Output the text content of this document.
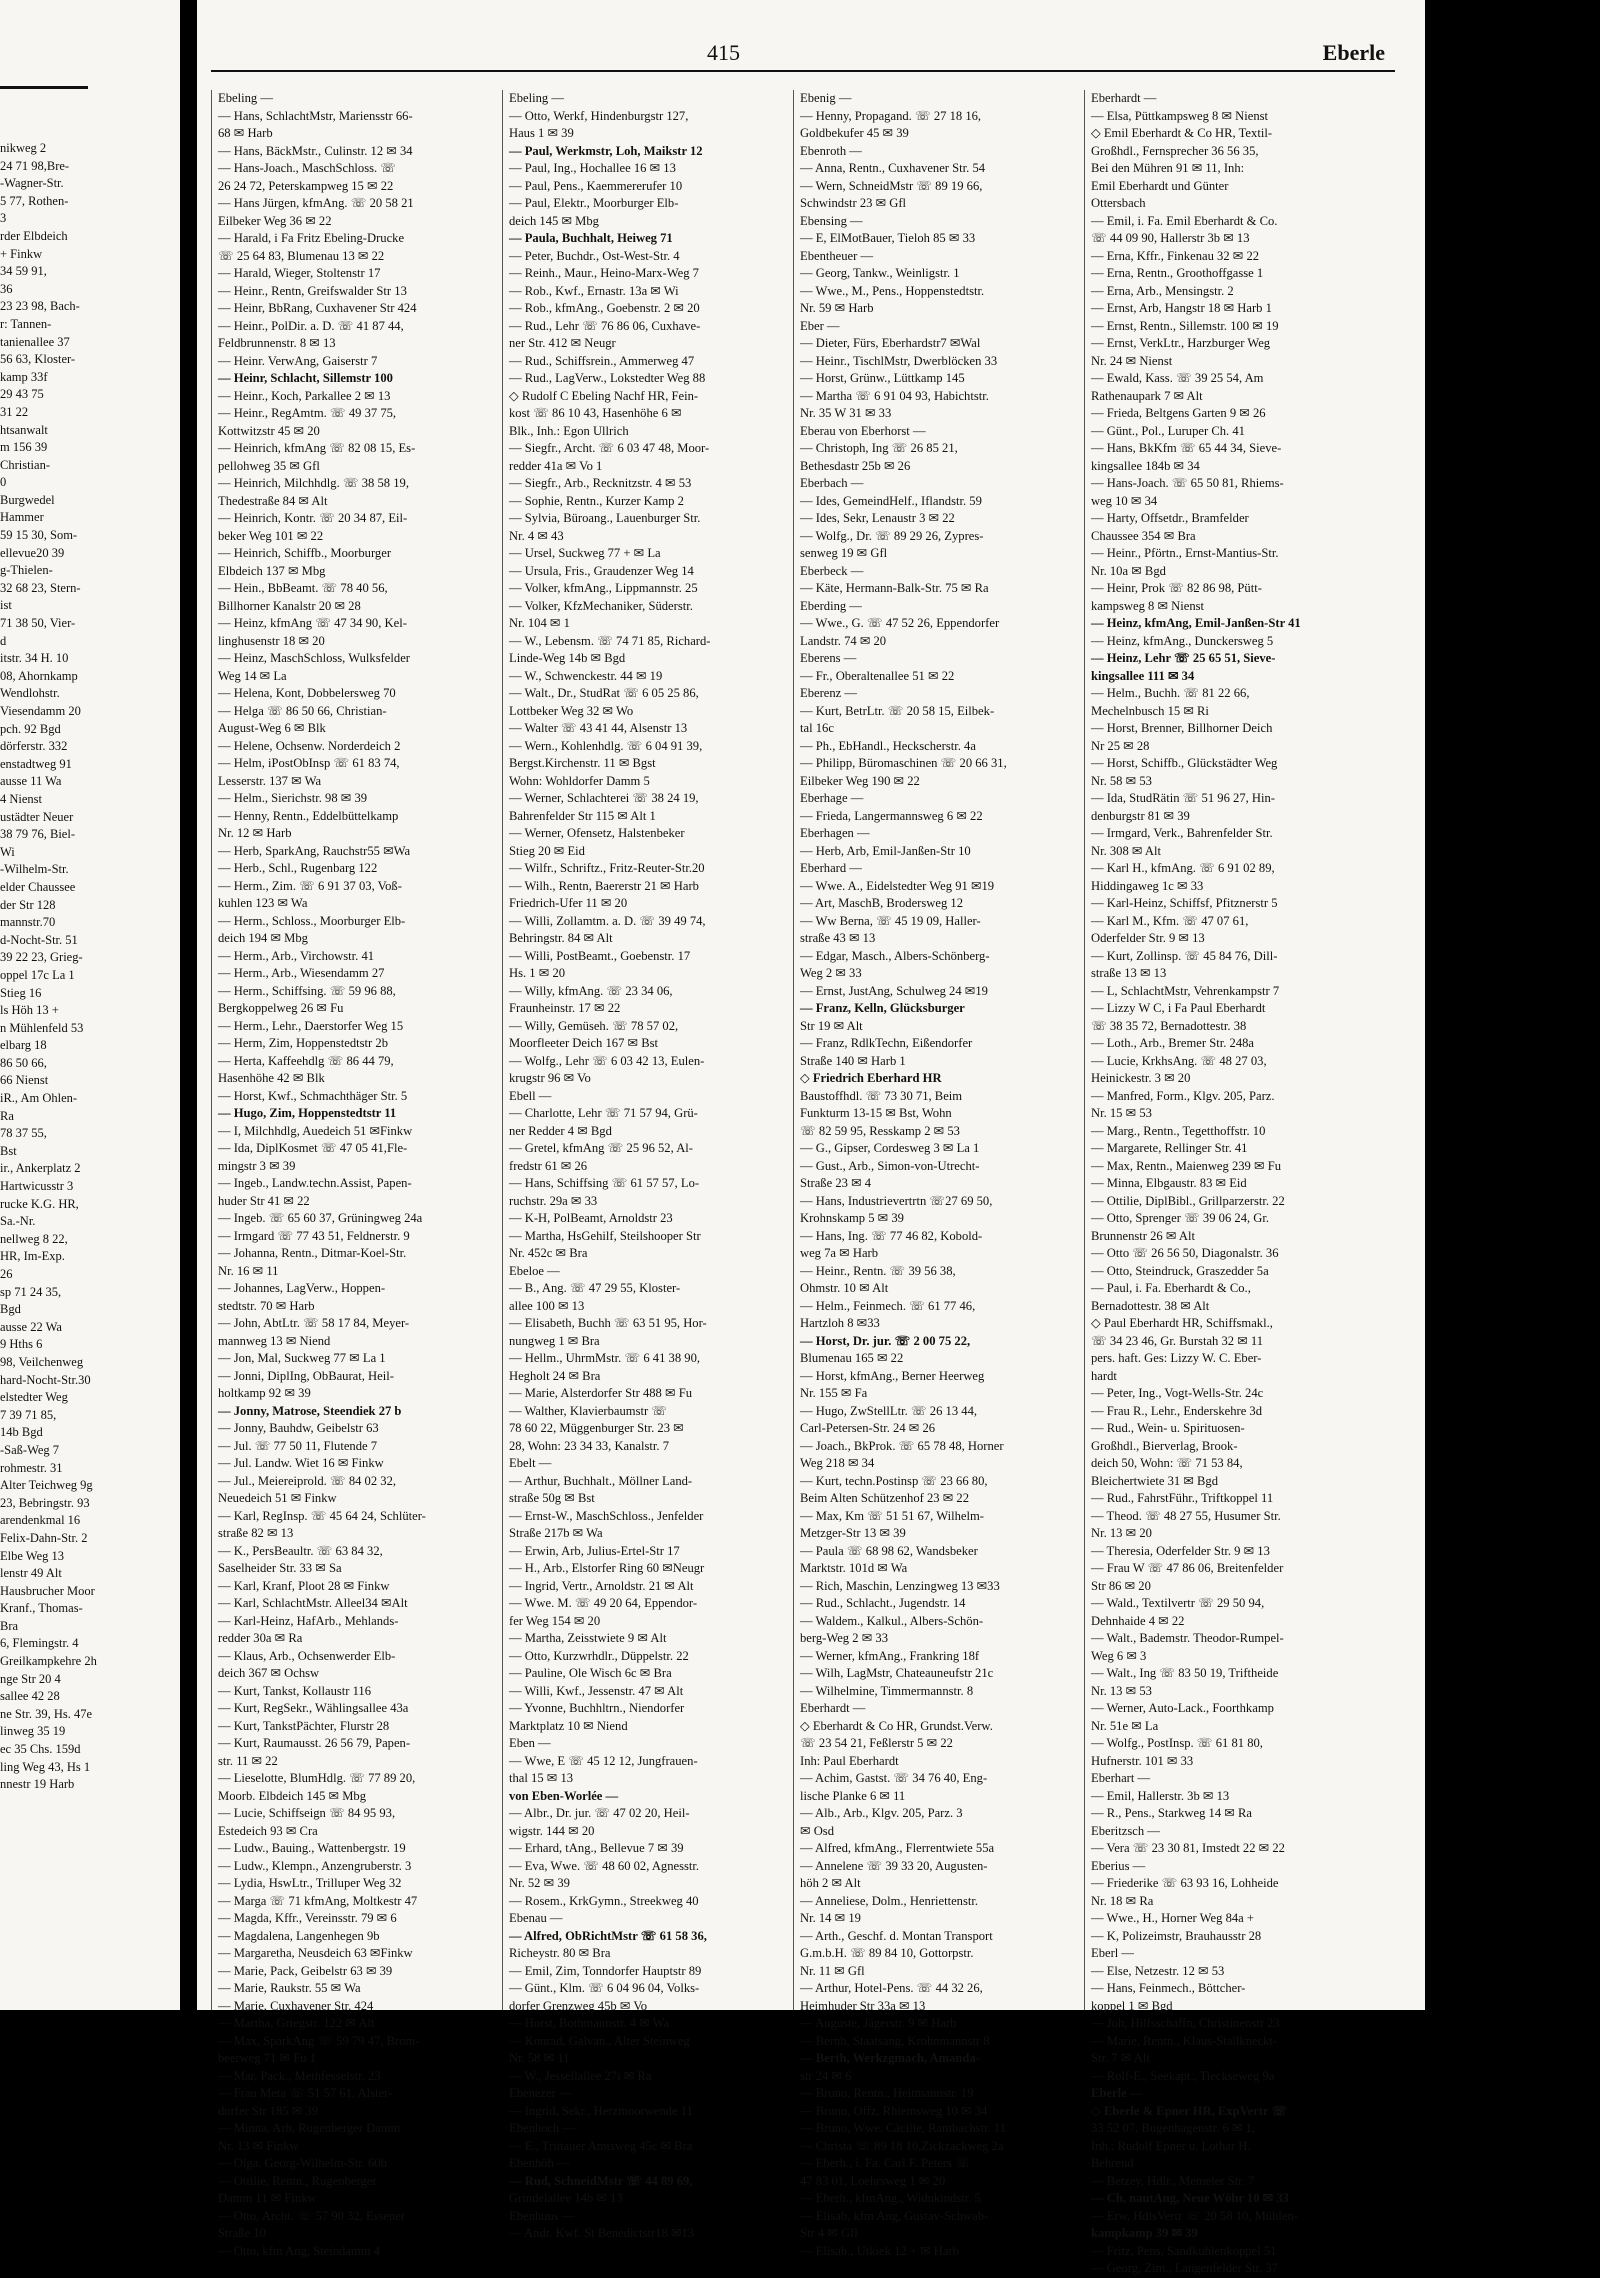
nikweg 2
24 71 98,Bre-
-Wagner-Str.
5 77, Rothen-
3
rder Elbdeich
+ Finkw
34 59 91,
36
23 23 98, Bach-
r: Tannen-
tanienallee 37
56 63, Kloster-
kamp 33f
29 43 75
31 22
htsanwalt
m 156 39
Christian-
0
Burgwedel
Hammer
59 15 30, Som-
ellevue20 39
g-Thielen-
32 68 23, Stern-
ist
71 38 50, Vier-
d
itstr. 34 H. 10
08, Ahornkamp
Wendlohstr.
Viesendamm 20
pch. 92 Bgd
dörferstr. 332
enstadtweg 91
ausse 11 Wa
4 Nienst
ustädter Neuer
38 79 76, Biel-
Wi
-Wilhelm-Str.
elder Chaussee
der Str 128
mannstr.70
d-Nocht-Str. 51
39 22 23, Grieg-
oppel 17c La 1
Stieg 16
ls Höh 13 +
n Mühlenfeld 53
elbarg 18
86 50 66,
66 Nienst
iR., Am Ohlen-
Ra
78 37 55,
Bst
ir., Ankerplatz 2
Hartwicusstr 3
rucke K.G. HR,
Sa.-Nr.
nellweg 8 22,
HR, Im-Exp.
26
sp 71 24 35,
Bgd
ausse 22 Wa
9 Hths 6
98, Veilchenweg
hard-Nocht-Str.30
elstedter Weg
7 39 71 85,
14b Bgd
-Saß-Weg 7
rohmestr. 31
Alter Teichweg 9g
23, Bebringstr. 93
arendenkmal 16
Felix-Dahn-Str. 2
Elbe Weg 13
lenstr 49 Alt
Hausbrucher Moor
Kranf., Thomas-
Bra
6, Flemingstr. 4
Greilkampkehre 2h
nge Str 20 4
sallee 42 28
ne Str. 39, Hs. 47e
linweg 35 19
ec 35 Chs. 159d
ling Weg 43, Hs 1
nnestr 19 Harb
415	Eberle
Ebeling —
— Hans, SchlachtMstr, Mariensstr 66-
68 ✉ Harb
— Hans, BäckMstr., Culinstr. 12 ✉ 34
— Hans-Joach., MaschSchloss. ☏
26 24 72, Peterskampweg 15 ✉ 22
— Hans Jürgen, kfmAng. ☏ 20 58 21
Eilbeker Weg 36 ✉ 22
— Harald, i Fa Fritz Ebeling-Drucke
☏ 25 64 83, Blumenau 13 ✉ 22
— Harald, Wieger, Stoltenstr 17
— Heinr., Rentn, Greifswalder Str 13
— Heinr, BbRang, Cuxhavener Str 424
— Heinr., PolDir. a. D. ☏ 41 87 44,
Feldbrunnenstr. 8 ✉ 13
— Heinr. VerwAng, Gaiserstr 7
— Heinr, Schlacht, Sillemstr 100
— Heinr., Koch, Parkallee 2 ✉ 13
— Heinr., RegAmtm. ☏ 49 37 75,
Kottwitzstr 45 ✉ 20
— Heinrich, kfmAng ☏ 82 08 15, Es-
pellohweg 35 ✉ Gfl
— Heinrich, Milchhdlg. ☏ 38 58 19,
Thedestraße 84 ✉ Alt
— Heinrich, Kontr. ☏ 20 34 87, Eil-
beker Weg 101 ✉ 22
— Heinrich, Schiffb., Moorburger
Elbdeich 137 ✉ Mbg
— Hein., BbBeamt. ☏ 78 40 56,
Billhorner Kanalstr 20 ✉ 28
— Heinz, kfmAng ☏ 47 34 90, Kel-
linghusenstr 18 ✉ 20
— Heinz, MaschSchloss, Wulksfelder
Weg 14 ✉ La
— Helena, Kont, Dobbelersweg 70
— Helga ☏ 86 50 66, Christian-
August-Weg 6 ✉ Blk
— Helene, Ochsenw. Norderdeich 2
— Helm, iPostObInsp ☏ 61 83 74,
Lesserstr. 137 ✉ Wa
— Helm., Sierichstr. 98 ✉ 39
— Henny, Rentn., Eddelbüttelkamp
Nr. 12 ✉ Harb
— Herb, SparkAng, Rauchstr55 ✉Wa
— Herb., Schl., Rugenbarg 122
— Herm., Zim. ☏ 6 91 37 03, Voß-
kuhlen 123 ✉ Wa
— Herm., Schloss., Moorburger Elb-
deich 194 ✉ Mbg
— Herm., Arb., Virchowstr. 41
— Herm., Arb., Wiesendamm 27
— Herm., Schiffsing. ☏ 59 96 88,
Bergkoppelweg 26 ✉ Fu
— Herm., Lehr., Daerstorfer Weg 15
— Herm, Zim, Hoppenstedtstr 2b
— Herta, Kaffeehdlg ☏ 86 44 79,
Hasenhöhe 42 ✉ Blk
— Horst, Kwf., Schmachthäger Str. 5
— Hugo, Zim, Hoppenstedtstr 11
— I, Milchhdlg, Auedeich 51 ✉Finkw
— Ida, DiplKosmet ☏ 47 05 41,Fle-
mingstr 3 ✉ 39
— Ingeb., Landw.techn.Assist, Papen-
huder Str 41 ✉ 22
— Ingeb. ☏ 65 60 37, Grüningweg 24a
— Irmgard ☏ 77 43 51, Feldnerstr. 9
— Johanna, Rentn., Ditmar-Koel-Str.
Nr. 16 ✉ 11
— Johannes, LagVerw., Hoppen-
stedtstr. 70 ✉ Harb
— John, AbtLtr. ☏ 58 17 84, Meyer-
mannweg 13 ✉ Niend
— Jon, Mal, Suckweg 77 ✉ La 1
— Jonni, DiplIng, ObBaurat, Heil-
holtkamp 92 ✉ 39
— Jonny, Matrose, Steendiek 27 b
— Jonny, Bauhdw, Geibelstr 63
— Jul. ☏ 77 50 11, Flutende 7
— Jul. Landw. Wiet 16 ✉ Finkw
— Jul., Meiereiprold. ☏ 84 02 32,
Neuedeich 51 ✉ Finkw
— Karl, RegInsp. ☏ 45 64 24, Schlüter-
straße 82 ✉ 13
— K., PersBeaultr. ☏ 63 84 32,
Saselheider Str. 33 ✉ Sa
— Karl, Kranf, Ploot 28 ✉ Finkw
— Karl, SchlachtMstr. Alleel34 ✉Alt
— Karl-Heinz, HafArb., Mehlands-
redder 30a ✉ Ra
— Klaus, Arb., Ochsenwerder Elb-
deich 367 ✉ Ochsw
— Kurt, Tankst, Kollaustr 116
— Kurt, RegSekr., Wählingsallee 43a
— Kurt, TankstPächter, Flurstr 28
— Kurt, Raumausst. 26 56 79, Papen-
str. 11 ✉ 22
— Lieselotte, BlumHdlg. ☏ 77 89 20,
Moorb. Elbdeich 145 ✉ Mbg
— Lucie, Schiffseign ☏ 84 95 93,
Estedeich 93 ✉ Cra
— Ludw., Bauing., Wattenbergstr. 19
— Ludw., Klempn., Anzengruberstr. 3
— Lydia, HswLtr., Trilluper Weg 32
— Marga ☏ 71 kfmAng, Moltkestr 47
— Magda, Kffr., Vereinsstr. 79 ✉ 6
— Magdalena, Langenhegen 9b
— Margaretha, Neusdeich 63 ✉Finkw
— Marie, Pack, Geibelstr 63 ✉ 39
— Marie, Raukstr. 55 ✉ Wa
— Marie, Cuxhavener Str. 424
— Martha, Griegstr. 122 ✉ Alt
— Max, SparkAng ☏ 59 79 47, Brom-
beerweg 71 ✉ Fu 1
— Mar, Pack., Methfesselstr. 23
— Frau Meta ☏ 51 57 61, Alster-
dorfer Str 185 ✉ 39
— Minna, Arb, Rugenberger Damm
Nr. 13 ✉ Finkw
— Olga, Georg-Wilhelm-Str. 60b
— Ottilie, Rentn., Rugenberger
Damm 11 ✉ Finkw
— Otto, Archt. ☏ 57 90 32, Essener
Straße 10
— Otto, kfm Ang, Steindamm 4
Ebeling —
— Otto, Werkf, Hindenburgstr 127,
Haus 1 ✉ 39
— Paul, Werkmstr, Loh, Maikstr 12
— Paul, Ing., Hochallee 16 ✉ 13
— Paul, Pens., Kaemmererufer 10
— Paul, Elektr., Moorburger Elb-
deich 145 ✉ Mbg
— Paula, Buchhalt, Heiweg 71
— Peter, Buchdr., Ost-West-Str. 4
— Reinh., Maur., Heino-Marx-Weg 7
— Rob., Kwf., Ernastr. 13a ✉ Wi
— Rob., kfmAng., Goebenstr. 2 ✉ 20
— Rud., Lehr ☏ 76 86 06, Cuxhave-
ner Str. 412 ✉ Neugr
— Rud., Schiffsrein., Ammerweg 47
— Rud., LagVerw., Lokstedter Weg 88
◇ Rudolf C Ebeling Nachf HR, Fein-
kost ☏ 86 10 43, Hasenhöhe 6 ✉
Blk., Inh.: Egon Ullrich
— Siegfr., Archt. ☏ 6 03 47 48, Moor-
redder 41a ✉ Vo 1
— Siegfr., Arb., Recknitzstr. 4 ✉ 53
— Sophie, Rentn., Kurzer Kamp 2
— Sylvia, Büroang., Lauenburger Str.
Nr. 4 ✉ 43
— Ursel, Suckweg 77 + ✉ La
— Ursula, Fris., Graudenzer Weg 14
— Volker, kfmAng., Lippmannstr. 25
— Volker, KfzMechaniker, Süderstr.
Nr. 104 ✉ 1
— W., Lebensm. ☏ 74 71 85, Richard-
Linde-Weg 14b ✉ Bgd
— W., Schwenckestr. 44 ✉ 19
— Walt., Dr., StudRat ☏ 6 05 25 86,
Lottbeker Weg 32 ✉ Wo
— Walter ☏ 43 41 44, Alsenstr 13
— Wern., Kohlenhdlg. ☏ 6 04 91 39,
Bergst.Kirchenstr. 11 ✉ Bgst
Wohn: Wohldorfer Damm 5
— Werner, Schlachterei ☏ 38 24 19,
Bahrenfelder Str 115 ✉ Alt 1
— Werner, Ofensetz, Halstenbeker
Stieg 20 ✉ Eid
— Wilfr., Schriftz., Fritz-Reuter-Str.20
— Wilh., Rentn, Baererstr 21 ✉ Harb
Friedrich-Ufer 11 ✉ 20
— Willi, Zollamtm. a. D. ☏ 39 49 74,
Behringstr. 84 ✉ Alt
— Willi, PostBeamt., Goebenstr. 17
Hs. 1 ✉ 20
— Willy, kfmAng. ☏ 23 34 06,
Fraunheinstr. 17 ✉ 22
— Willy, Gemüseh. ☏ 78 57 02,
Moorfleeter Deich 167 ✉ Bst
— Wolfg., Lehr ☏ 6 03 42 13, Eulen-
krugstr 96 ✉ Vo
Ebell —
— Charlotte, Lehr ☏ 71 57 94, Grü-
ner Redder 4 ✉ Bgd
— Gretel, kfmAng ☏ 25 96 52, Al-
fredstr 61 ✉ 26
— Hans, Schiffsing ☏ 61 57 57, Lo-
ruchstr. 29a ✉ 33
— K-H, PolBeamt, Arnoldstr 23
— Martha, HsGehilf, Steilshooper Str
Nr. 452c ✉ Bra
Ebeloe —
— B., Ang. ☏ 47 29 55, Kloster-
allee 100 ✉ 13
— Elisabeth, Buchh ☏ 63 51 95, Hor-
nungweg 1 ✉ Bra
— Hellm., UhrmMstr. ☏ 6 41 38 90,
Hegholt 24 ✉ Bra
— Marie, Alsterdorfer Str 488 ✉ Fu
— Walther, Klavierbaumstr ☏
78 60 22, Müggenburger Str. 23 ✉
28, Wohn: 23 34 33, Kanalstr. 7
Ebelt —
— Arthur, Buchhalt., Möllner Land-
straße 50g ✉ Bst
— Ernst-W., MaschSchloss., Jenfelder
Straße 217b ✉ Wa
— Erwin, Arb, Julius-Ertel-Str 17
— H., Arb., Elstorfer Ring 60 ✉Neugr
— Ingrid, Vertr., Arnoldstr. 21 ✉ Alt
— Wwe. M. ☏ 49 20 64, Eppendor-
fer Weg 154 ✉ 20
— Martha, Zeisstwiete 9 ✉ Alt
— Otto, Kurzwrhdlr., Düppelstr. 22
— Pauline, Ole Wisch 6c ✉ Bra
— Willi, Kwf., Jessenstr. 47 ✉ Alt
— Yvonne, Buchhltrn., Niendorfer
Marktplatz 10 ✉ Niend
Eben —
— Wwe, E ☏ 45 12 12, Jungfrauen-
thal 15 ✉ 13
von Eben-Worlée —
— Albr., Dr. jur. ☏ 47 02 20, Heil-
wigstr. 144 ✉ 20
— Erhard, tAng., Bellevue 7 ✉ 39
— Eva, Wwe. ☏ 48 60 02, Agnesstr.
Nr. 52 ✉ 39
— Rosem., KrkGymn., Streekweg 40
Ebenau —
— Alfred, ObRichtMstr ☏ 61 58 36,
Richeystr. 80 ✉ Bra
— Emil, Zim, Tonndorfer Hauptstr 89
— Günt., Klm. ☏ 6 04 96 04, Volks-
dorfer Grenzweg 45b ✉ Vo
— Horst, Bothmannstr. 4 ✉ Wa
— Konrad, Galvan., Alter Steinweg
Nr. 58 ✉ 11
— W., Jessellallee 27i ✉ Ra
Ebenezer —
— Ingrid, Sekr., Herzmoorwende 11
Ebenhoch —
— E., Trittauer Amtsweg 45c ✉ Bra
Ebenhöh —
— Rud, SchneidMstr ☏ 44 89 69,
Grindelallee 14b ✉ 13
Ebenhuus —
— Andr. Kwf. St Benedictstr18 ✉13
Ebenig —
— Henny, Propagand. ☏ 27 18 16,
Goldbekufer 45 ✉ 39
Ebenroth —
— Anna, Rentn., Cuxhavener Str. 54
— Wern, SchneidMstr ☏ 89 19 66,
Schwindstr 23 ✉ Gfl
Ebensing —
— E, ElMotBauer, Tieloh 85 ✉ 33
Ebentheuer —
— Georg, Tankw., Weinligstr. 1
— Wwe., M., Pens., Hoppenstedtstr.
Nr. 59 ✉ Harb
Eber —
— Dieter, Fürs, Eberhardstr7 ✉Wal
— Heinr., TischlMstr, Dwerblöcken 33
— Horst, Grünw., Lüttkamp 145
— Martha ☏ 6 91 04 93, Habichtstr.
Nr. 35 W 31 ✉ 33
Eberau von Eberhorst —
— Christoph, Ing ☏ 26 85 21,
Bethesdastr 25b ✉ 26
Eberbach —
— Ides, GemeindHelf., Iflandstr. 59
— Ides, Sekr, Lenaustr 3 ✉ 22
— Wolfg., Dr. ☏ 89 29 26, Zypres-
senweg 19 ✉ Gfl
Eberbeck —
— Käte, Hermann-Balk-Str. 75 ✉ Ra
Eberding —
— Wwe., G. ☏ 47 52 26, Eppendorfer
Landstr. 74 ✉ 20
Eberens —
— Fr., Oberaltenallee 51 ✉ 22
Eberenz —
— Kurt, BetrLtr. ☏ 20 58 15, Eilbek-
tal 16c
— Ph., EbHandl., Heckscherstr. 4a
— Philipp, Büromaschinen ☏ 20 66 31,
Eilbeker Weg 190 ✉ 22
Eberhage —
— Frieda, Langermannsweg 6 ✉ 22
Eberhagen —
— Herb, Arb, Emil-Janßen-Str 10
Eberhard —
— Wwe. A., Eidelstedter Weg 91 ✉19
— Art, MaschB, Brodersweg 12
— Ww Berna, ☏ 45 19 09, Haller-
straße 43 ✉ 13
— Edgar, Masch., Albers-Schönberg-
Weg 2 ✉ 33
— Ernst, JustAng, Schulweg 24 ✉19
— Franz, Kelln, Glücksburger
Str 19 ✉ Alt
— Franz, RdlkTechn, Eißendorfer
Straße 140 ✉ Harb 1
◇ Friedrich Eberhard HR
Baustoffhdl. ☏ 73 30 71, Beim
Funkturm 13-15 ✉ Bst, Wohn
☏ 82 59 95, Resskamp 2 ✉ 53
— G., Gipser, Cordesweg 3 ✉ La 1
— Gust., Arb., Simon-von-Utrecht-
Straße 23 ✉ 4
— Hans, Industrievertrtn ☏27 69 50,
Krohnskamp 5 ✉ 39
— Hans, Ing. ☏ 77 46 82, Kobold-
weg 7a ✉ Harb
— Heinr., Rentn. ☏ 39 56 38,
Ohmstr. 10 ✉ Alt
— Helm., Feinmech. ☏ 61 77 46,
Hartzloh 8 ✉33
— Horst, Dr. jur. ☏ 2 00 75 22,
Blumenau 165 ✉ 22
— Horst, kfmAng., Berner Heerweg
Nr. 155 ✉ Fa
— Hugo, ZwStellLtr. ☏ 26 13 44,
Carl-Petersen-Str. 24 ✉ 26
— Joach., BkProk. ☏ 65 78 48, Horner
Weg 218 ✉ 34
— Kurt, techn.Postinsp ☏ 23 66 80,
Beim Alten Schützenhof 23 ✉ 22
— Max, Km ☏ 51 51 67, Wilhelm-
Metzger-Str 13 ✉ 39
— Paula ☏ 68 98 62, Wandsbeker
Marktstr. 101d ✉ Wa
— Rich, Maschin, Lenzingweg 13 ✉33
— Rud., Schlacht., Jugendstr. 14
— Waldem., Kalkul., Albers-Schön-
berg-Weg 2 ✉ 33
— Werner, kfmAng., Frankring 18f
— Wilh, LagMstr, Chateauneufstr 21c
— Wilhelmine, Timmermannstr. 8
Eberhardt —
◇ Eberhardt & Co HR, Grundst.Verw.
☏ 23 54 21, Feßlerstr 5 ✉ 22
Inh: Paul Eberhardt
— Achim, Gastst. ☏ 34 76 40, Eng-
lische Planke 6 ✉ 11
— Alb., Arb., Klgv. 205, Parz. 3
✉ Osd
— Alfred, kfmAng., Flerrentwiete 55a
— Annelene ☏ 39 33 20, Augusten-
höh 2 ✉ Alt
— Anneliese, Dolm., Henriettenstr.
Nr. 14 ✉ 19
— Arth., Geschf. d. Montan Transport
G.m.b.H. ☏ 89 84 10, Gottorpstr.
Nr. 11 ✉ Gfl
— Arthur, Hotel-Pens. ☏ 44 32 26,
Heimhuder Str 33a ✉ 13
— Auguste, Jägerstr. 9 ✉ Harb
— Bernh, Staatsang, Krohnmannstr 8
— Berth, Werkzgmach, Amanda-
str 24 ✉ 6
— Bruno, Rentn., Heitmannstr. 19
— Bruno, Offz, Rhiemsweg 10 ✉ 34
— Bruno, Wwe. Cäcilie, Rambachstr. 11
— Christa ☏ 89 18 10,Zickzackweg 2a
— Eberh., i. Fa. Carl F. Peters ☏
47 83 01, Loehrsweg 1 ✉ 20
— Eberh., kfmAng., Widukindstr. 5
— Elisab, kfm Ang, Gustav-Schwab-
Str 4 ✉ Gfl
— Elisab., Utkiek 12 + ✉ Harb
Eberhardt —
— Elsa, Püttkampsweg 8 ✉ Nienst
◇ Emil Eberhardt & Co HR, Textil-
Großhdl., Fernsprecher 36 56 35,
Bei den Mühren 91 ✉ 11, Inh:
Emil Eberhardt und Günter
Ottersbach
— Emil, i. Fa. Emil Eberhardt & Co.
☏ 44 09 90, Hallerstr 3b ✉ 13
— Erna, Kffr., Finkenau 32 ✉ 22
— Erna, Rentn., Groothoffgasse 1
— Erna, Arb., Mensingstr. 2
— Ernst, Arb, Hangstr 18 ✉ Harb 1
— Ernst, Rentn., Sillemstr. 100 ✉ 19
— Ernst, VerkLtr., Harzburger Weg
Nr. 24 ✉ Nienst
— Ewald, Kass. ☏ 39 25 54, Am
Rathenaupark 7 ✉ Alt
— Frieda, Beltgens Garten 9 ✉ 26
— Günt., Pol., Luruper Ch. 41
— Hans, BkKfm ☏ 65 44 34, Sieve-
kingsallee 184b ✉ 34
— Hans-Joach. ☏ 65 50 81, Rhiems-
weg 10 ✉ 34
— Harty, Offsetdr., Bramfelder
Chaussee 354 ✉ Bra
— Heinr., Pförtn., Ernst-Mantius-Str.
Nr. 10a ✉ Bgd
— Heinr, Prok ☏ 82 86 98, Pütt-
kampsweg 8 ✉ Nienst
— Heinz, kfmAng, Emil-Janßen-Str 41
— Heinz, kfmAng., Dunckersweg 5
— Heinz, Lehr ☏ 25 65 51, Sieve-
kingsallee 111 ✉ 34
— Helm., Buchh. ☏ 81 22 66,
Mechelnbusch 15 ✉ Ri
— Horst, Brenner, Billhorner Deich
Nr 25 ✉ 28
— Horst, Schiffb., Glückstädter Weg
Nr. 58 ✉ 53
— Ida, StudRätin ☏ 51 96 27, Hin-
denburgstr 81 ✉ 39
— Irmgard, Verk., Bahrenfelder Str.
Nr. 308 ✉ Alt
— Karl H., kfmAng. ☏ 6 91 02 89,
Hiddingaweg 1c ✉ 33
— Karl-Heinz, Schiffsf, Pfitznerstr 5
— Karl M., Kfm. ☏ 47 07 61,
Oderfelder Str. 9 ✉ 13
— Kurt, Zollinsp. ☏ 45 84 76, Dill-
straße 13 ✉ 13
— L, SchlachtMstr, Vehrenkampstr 7
— Lizzy W C, i Fa Paul Eberhardt
☏ 38 35 72, Bernadottestr. 38
— Loth., Arb., Bremer Str. 248a
— Lucie, KrkhsAng. ☏ 48 27 03,
Heinickestr. 3 ✉ 20
— Manfred, Form., Klgv. 205, Parz.
Nr. 15 ✉ 53
— Marg., Rentn., Tegetthoffstr. 10
— Margarete, Rellinger Str. 41
— Max, Rentn., Maienweg 239 ✉ Fu
— Minna, Elbgaustr. 83 ✉ Eid
— Ottilie, DiplBibl., Grillparzerstr. 22
— Otto, Sprenger ☏ 39 06 24, Gr.
Brunnenstr 26 ✉ Alt
— Otto ☏ 26 56 50, Diagonalstr. 36
— Otto, Steindruck, Graszedder 5a
— Paul, i. Fa. Eberhardt & Co.,
Bernadottestr. 38 ✉ Alt
◇ Paul Eberhardt HR, Schiffsmakl.,
☏ 34 23 46, Gr. Burstah 32 ✉ 11
pers. haft. Ges: Lizzy W. C. Eber-
hardt
— Peter, Ing., Vogt-Wells-Str. 24c
— Frau R., Lehr., Enderskehre 3d
— Rud., Wein- u. Spirituosen-
Großhdl., Bierverlag, Brook-
deich 50, Wohn: ☏ 71 53 84,
Bleichertwiete 31 ✉ Bgd
— Rud., FahrstFühr., Triftkoppel 11
— Theod. ☏ 48 27 55, Husumer Str.
Nr. 13 ✉ 20
— Theresia, Oderfelder Str. 9 ✉ 13
— Frau W ☏ 47 86 06, Breitenfelder
Str 86 ✉ 20
— Wald., Textilvertr ☏ 29 50 94,
Dehnhaide 4 ✉ 22
— Walt., Bademstr. Theodor-Rumpel-
Weg 6 ✉ 3
— Walt., Ing ☏ 83 50 19, Triftheide
Nr. 13 ✉ 53
— Werner, Auto-Lack., Foorthkamp
Nr. 51e ✉ La
— Wolfg., PostInsp. ☏ 61 81 80,
Hufnerstr. 101 ✉ 33
Eberhart —
— Emil, Hallerstr. 3b ✉ 13
— R., Pens., Starkweg 14 ✉ Ra
Eberitzsch —
— Vera ☏ 23 30 81, Imstedt 22 ✉ 22
Eberius —
— Friederike ☏ 63 93 16, Lohheide
Nr. 18 ✉ Ra
— Wwe., H., Horner Weg 84a +
— K, Polizeimstr, Brauhausstr 28
Eberl —
— Else, Netzestr. 12 ✉ 53
— Hans, Feinmech., Böttcher-
koppel 1 ✉ Bgd
— Joh, Hilfsschaffn, Christinenstr 23
— Marie, Rentn., Klaus-Stallkneckt-
Str. 7 ✉ Alt
— Rolf-E., Seekapt., Tieckseweg 9a
Eberle —
◇ Eberle & Epner HR, ExpVertr ☏
33 52 07, Bugenhagenstr. 6 ✉ 1,
Inh.: Rudolf Epner u. Lothar H.
Behrend
— Betzey, Hdlr., Memeler Str. 7
— Ch, nautAng, Neue Wöhr 10 ✉ 33
— Erw, HdlsVertr ☏ 20 58 10, Mühlen-
kampkamp 39 ✉ 39
— Fritz, Pens, Sandkuhlenkoppel 51
— Georg, Zim., Langenfelder Str. 37
